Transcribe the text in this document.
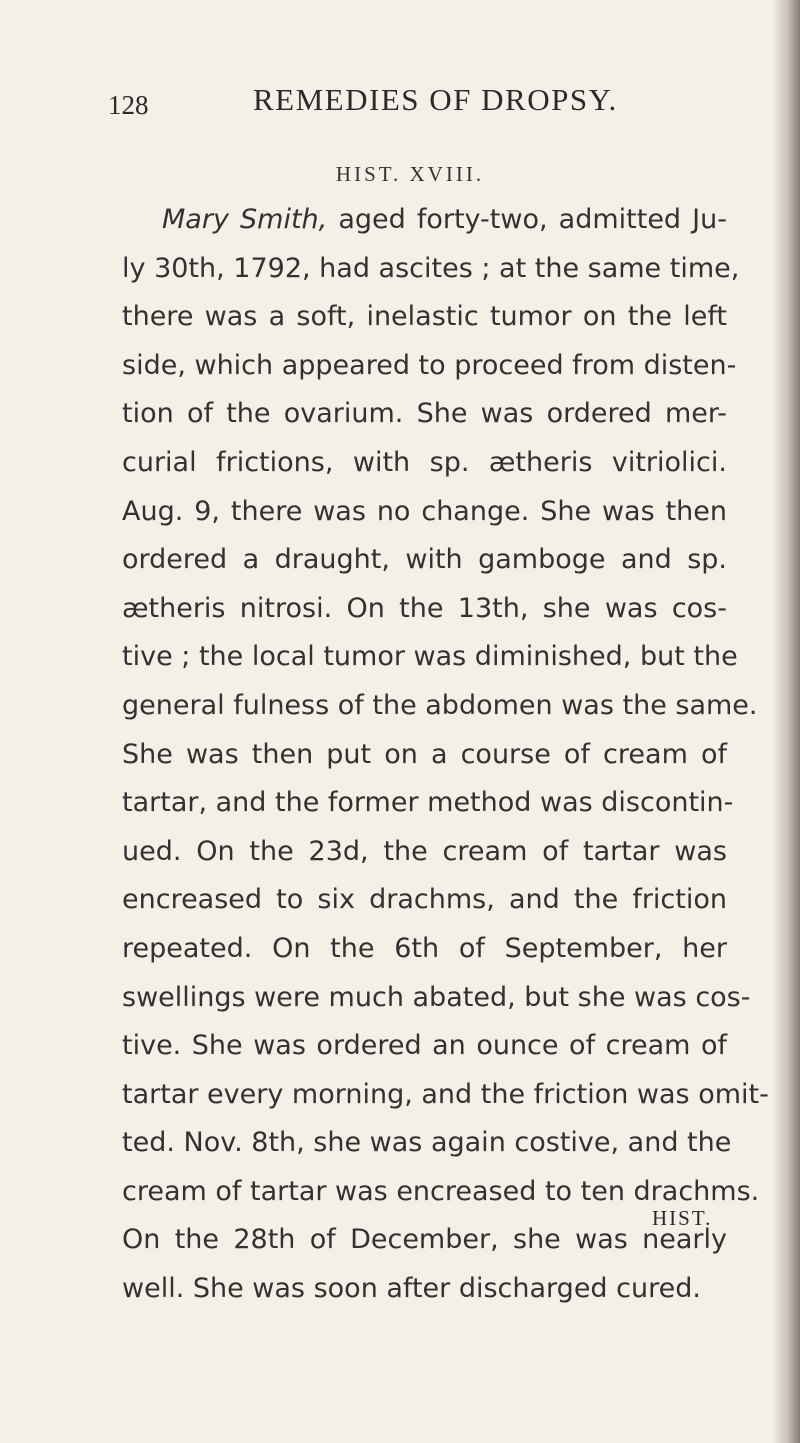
128	REMEDIES OF DROPSY.
HIST. XVIII.
Mary Smith, aged forty-two, admitted Ju-
ly 30th, 1792, had ascites ; at the same time,
there was a soft, inelastic tumor on the left
side, which appeared to proceed from disten-
tion of the ovarium. She was ordered mer-
curial frictions, with sp. ætheris vitriolici.
Aug. 9, there was no change. She was then
ordered a draught, with gamboge and sp.
ætheris nitrosi. On the 13th, she was cos-
tive ; the local tumor was diminished, but the
general fulness of the abdomen was the same.
She was then put on a course of cream of
tartar, and the former method was discontin-
ued. On the 23d, the cream of tartar was
encreased to six drachms, and the friction
repeated. On the 6th of September, her
swellings were much abated, but she was cos-
tive. She was ordered an ounce of cream of
tartar every morning, and the friction was omit-
ted. Nov. 8th, she was again costive, and the
cream of tartar was encreased to ten drachms.
On the 28th of December, she was nearly
well. She was soon after discharged cured.
HIST.
